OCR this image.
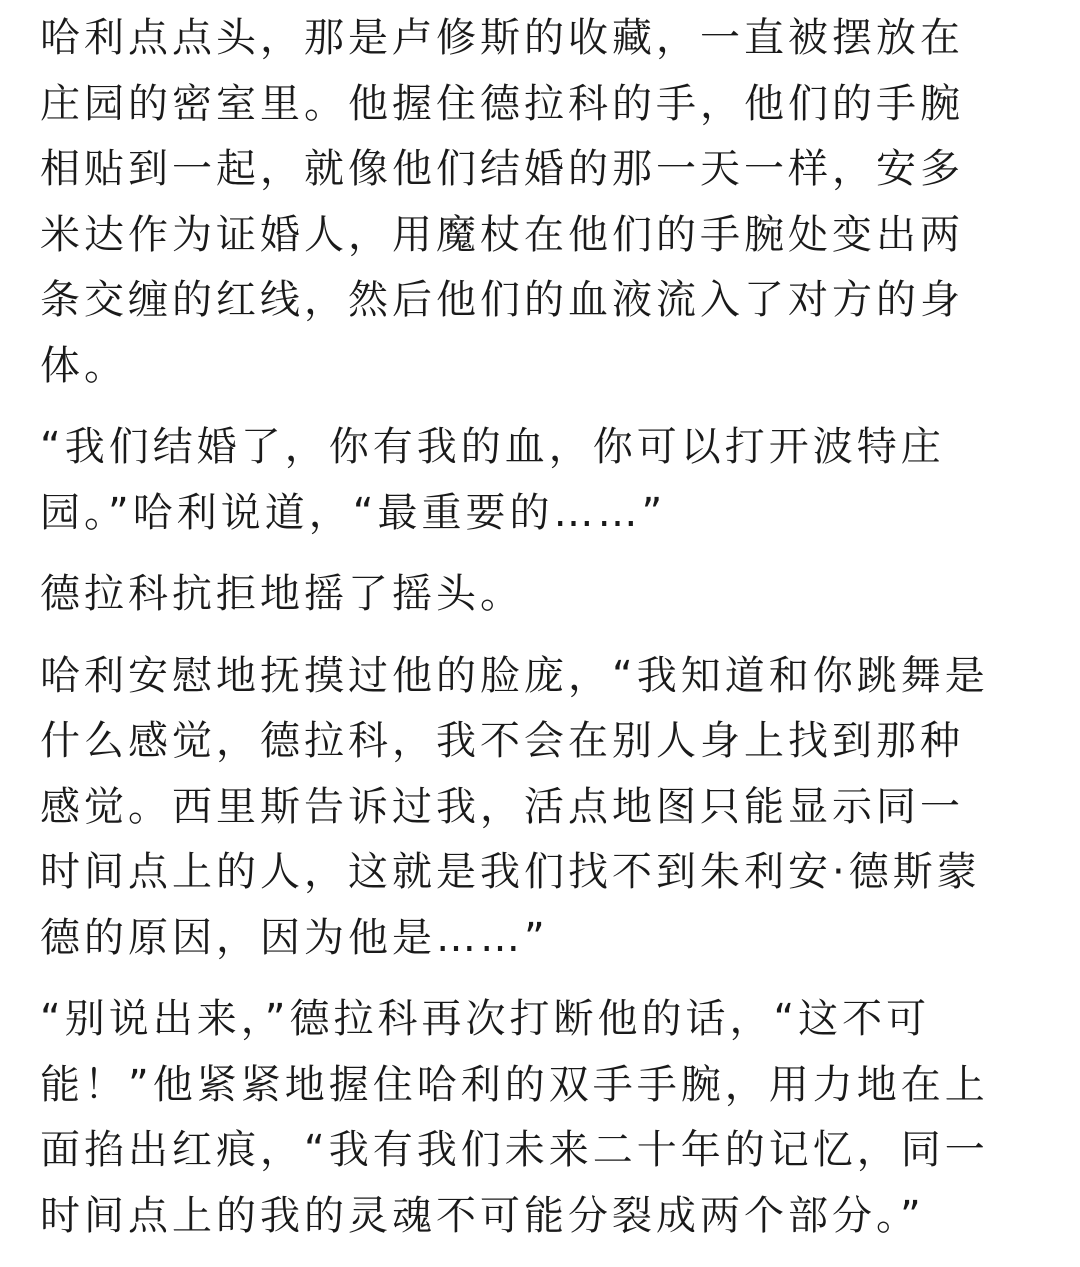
哈利点点头，那是卢修斯的收藏，一直被摆放在
庄园的密室里。他握住德拉科的手，他们的手腕
相贴到一起，就像他们结婚的那一天一样，安多
米达作为证婚人，用魔杖在他们的手腕处变出两
条交缠的红线，然后他们的血液流入了对方的身
体。

“我们结婚了，你有我的血，你可以打开波特庄
园。”哈利说道，“最重要的……”

德拉科抗拒地摇了摇头。

哈利安慰地抚摸过他的脸庞，“我知道和你跳舞是
什么感觉，德拉科，我不会在别人身上找到那种
感觉。西里斯告诉过我，活点地图只能显示同一
时间点上的人，这就是我们找不到朱利安·德斯蒙
德的原因，因为他是……”

“别说出来，”德拉科再次打断他的话，“这不可
能！”他紧紧地握住哈利的双手手腕，用力地在上
面掐出红痕，“我有我们未来二十年的记忆，同一
时间点上的我的灵魂不可能分裂成两个部分。”
